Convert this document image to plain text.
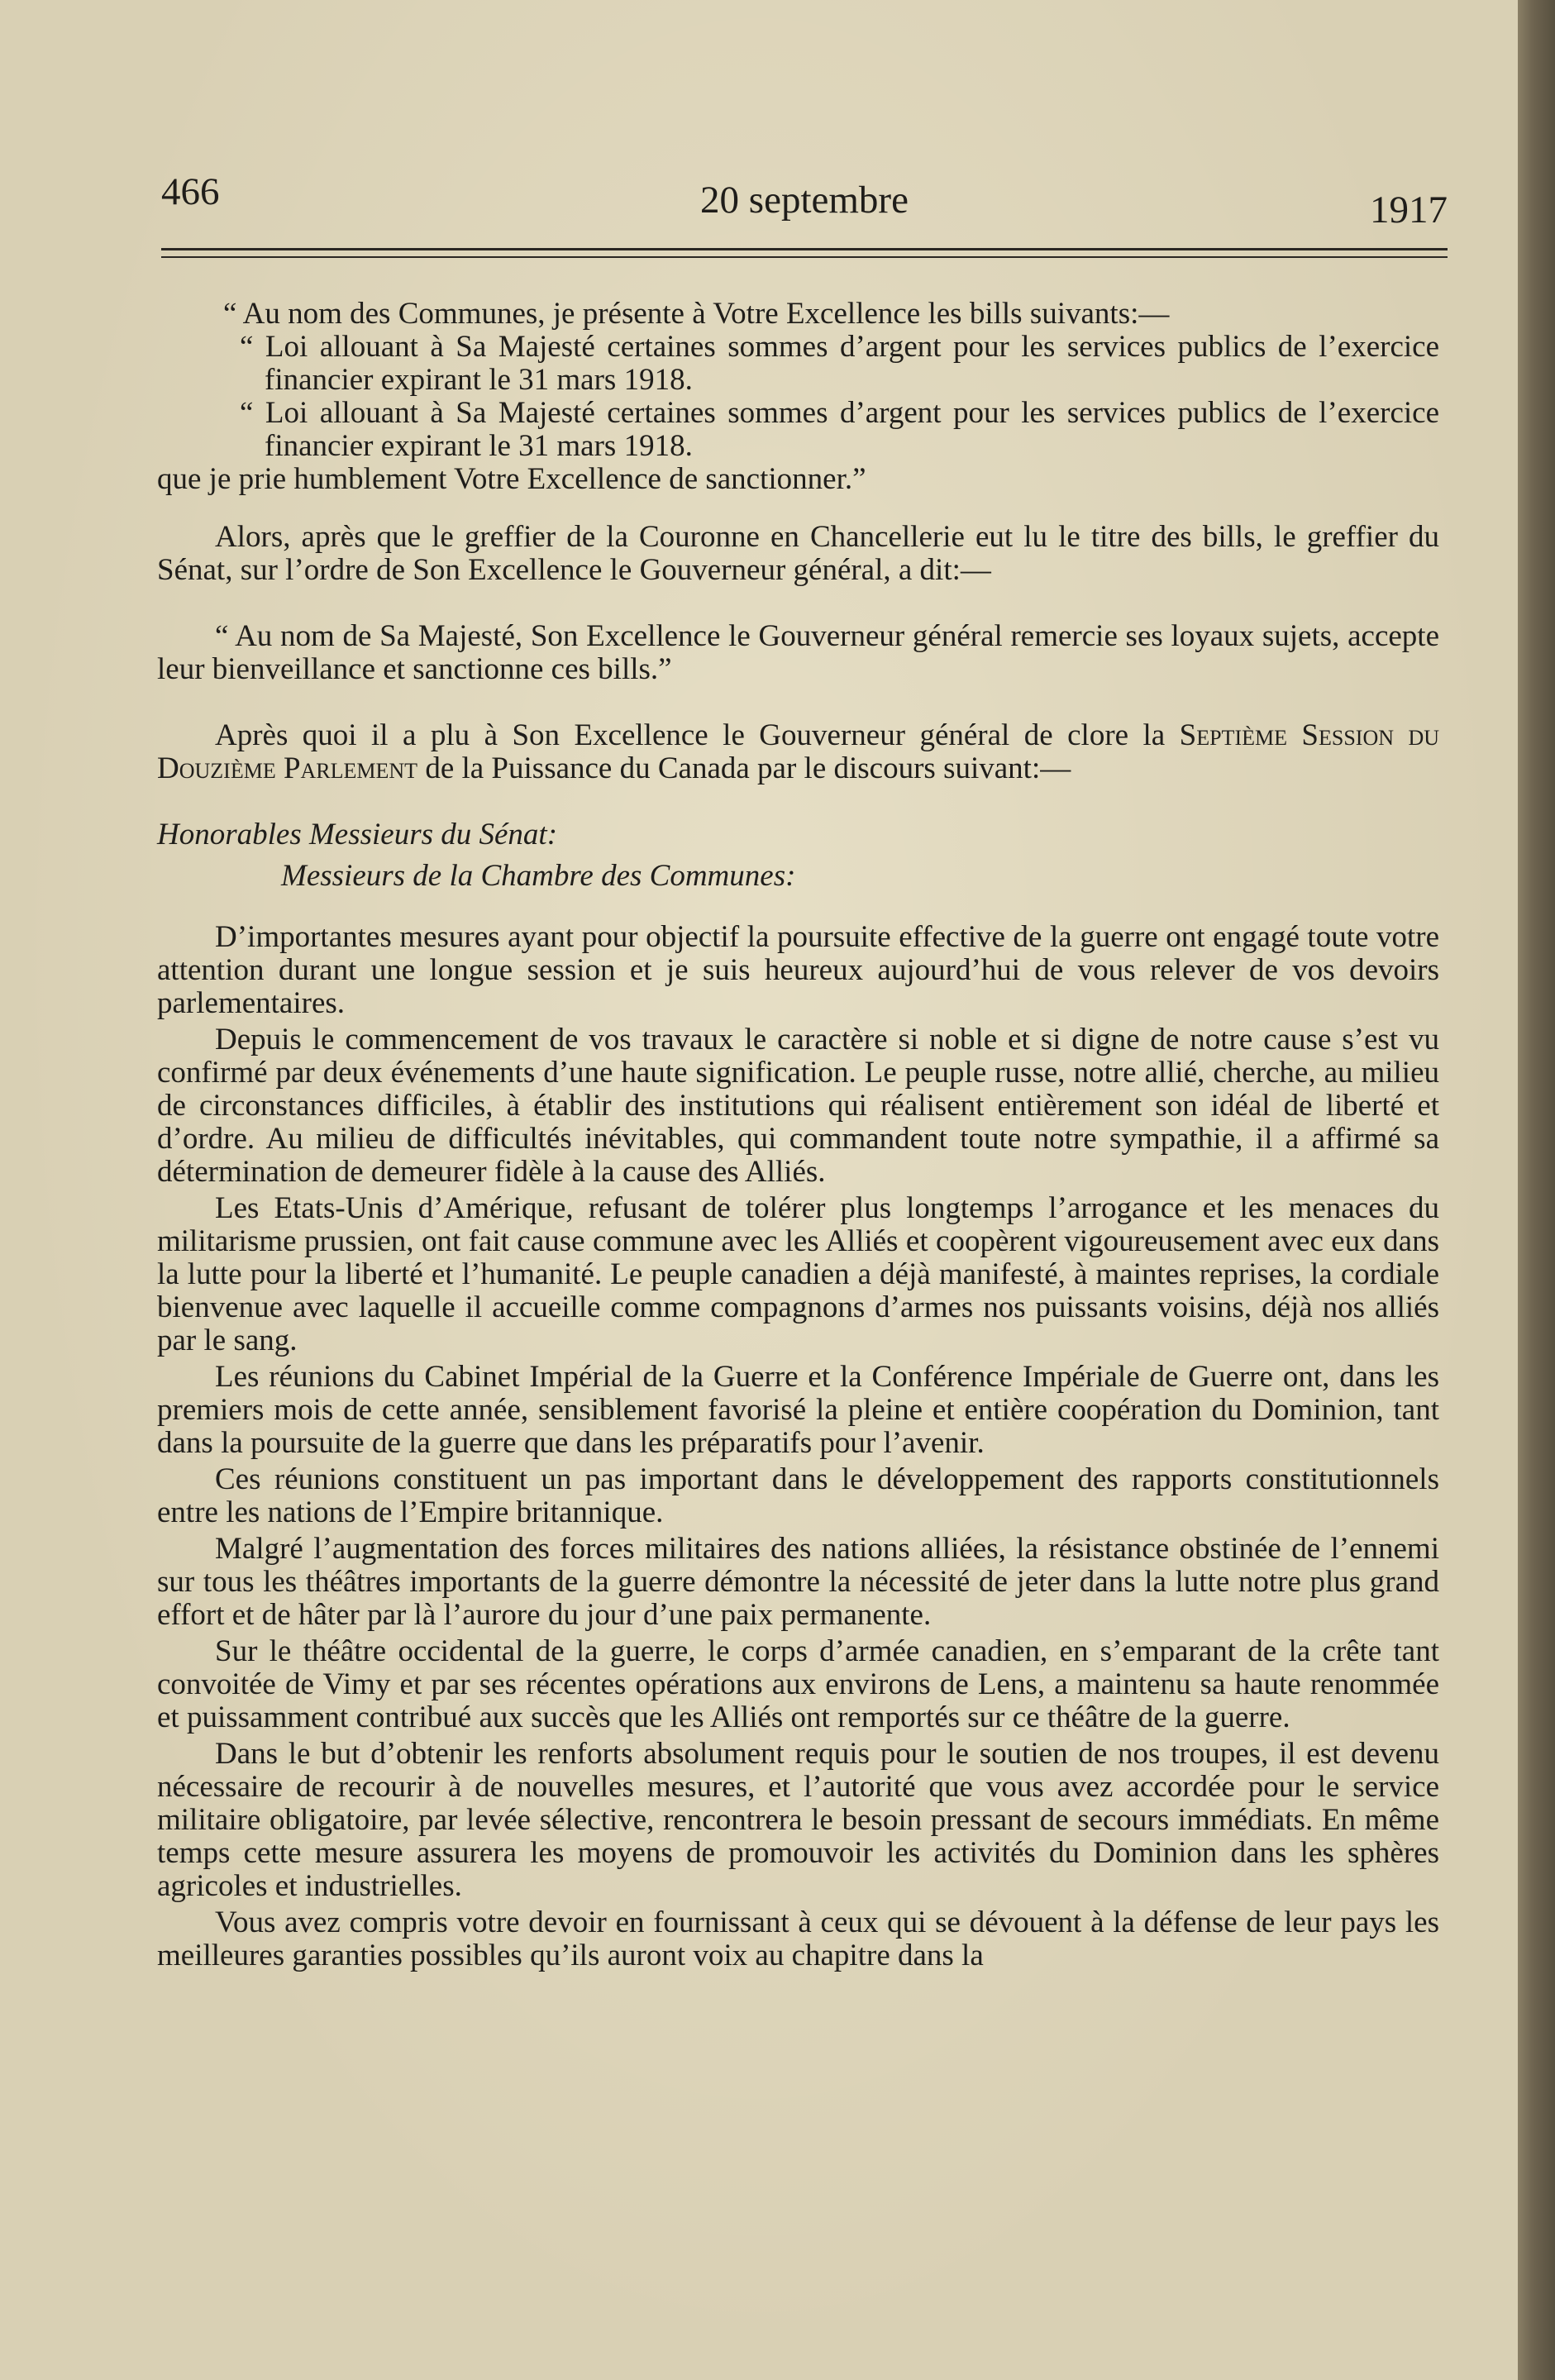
466	20 septembre	1917

“ Au nom des Communes, je présente à Votre Excellence les bills suivants:—

“ Loi allouant à Sa Majesté certaines sommes d’argent pour les services publics de l’exercice financier expirant le 31 mars 1918.

“ Loi allouant à Sa Majesté certaines sommes d’argent pour les services publics de l’exercice financier expirant le 31 mars 1918.

que je prie humblement Votre Excellence de sanctionner.”

Alors, après que le greffier de la Couronne en Chancellerie eut lu le titre des bills, le greffier du Sénat, sur l’ordre de Son Excellence le Gouverneur général, a dit:—

“ Au nom de Sa Majesté, Son Excellence le Gouverneur général remercie ses loyaux sujets, accepte leur bienveillance et sanctionne ces bills.”

Après quoi il a plu à Son Excellence le Gouverneur général de clore la Septième Session du Douzième Parlement de la Puissance du Canada par le discours suivant:—

Honorables Messieurs du Sénat:

Messieurs de la Chambre des Communes:

D’importantes mesures ayant pour objectif la poursuite effective de la guerre ont engagé toute votre attention durant une longue session et je suis heureux aujourd’hui de vous relever de vos devoirs parlementaires.

Depuis le commencement de vos travaux le caractère si noble et si digne de notre cause s’est vu confirmé par deux événements d’une haute signification. Le peuple russe, notre allié, cherche, au milieu de circonstances difficiles, à établir des institutions qui réalisent entièrement son idéal de liberté et d’ordre. Au milieu de difficultés inévitables, qui commandent toute notre sympathie, il a affirmé sa détermination de demeurer fidèle à la cause des Alliés.

Les Etats-Unis d’Amérique, refusant de tolérer plus longtemps l’arrogance et les menaces du militarisme prussien, ont fait cause commune avec les Alliés et coopèrent vigoureusement avec eux dans la lutte pour la liberté et l’humanité. Le peuple canadien a déjà manifesté, à maintes reprises, la cordiale bienvenue avec laquelle il accueille comme compagnons d’armes nos puissants voisins, déjà nos alliés par le sang.

Les réunions du Cabinet Impérial de la Guerre et la Conférence Impériale de Guerre ont, dans les premiers mois de cette année, sensiblement favorisé la pleine et entière coopération du Dominion, tant dans la poursuite de la guerre que dans les préparatifs pour l’avenir.

Ces réunions constituent un pas important dans le développement des rapports constitutionnels entre les nations de l’Empire britannique.

Malgré l’augmentation des forces militaires des nations alliées, la résistance obstinée de l’ennemi sur tous les théâtres importants de la guerre démontre la nécessité de jeter dans la lutte notre plus grand effort et de hâter par là l’aurore du jour d’une paix permanente.

Sur le théâtre occidental de la guerre, le corps d’armée canadien, en s’emparant de la crête tant convoitée de Vimy et par ses récentes opérations aux environs de Lens, a maintenu sa haute renommée et puissamment contribué aux succès que les Alliés ont remportés sur ce théâtre de la guerre.

Dans le but d’obtenir les renforts absolument requis pour le soutien de nos troupes, il est devenu nécessaire de recourir à de nouvelles mesures, et l’autorité que vous avez accordée pour le service militaire obligatoire, par levée sélective, rencontrera le besoin pressant de secours immédiats. En même temps cette mesure assurera les moyens de promouvoir les activités du Dominion dans les sphères agricoles et industrielles.

Vous avez compris votre devoir en fournissant à ceux qui se dévouent à la défense de leur pays les meilleures garanties possibles qu’ils auront voix au chapitre dans la
